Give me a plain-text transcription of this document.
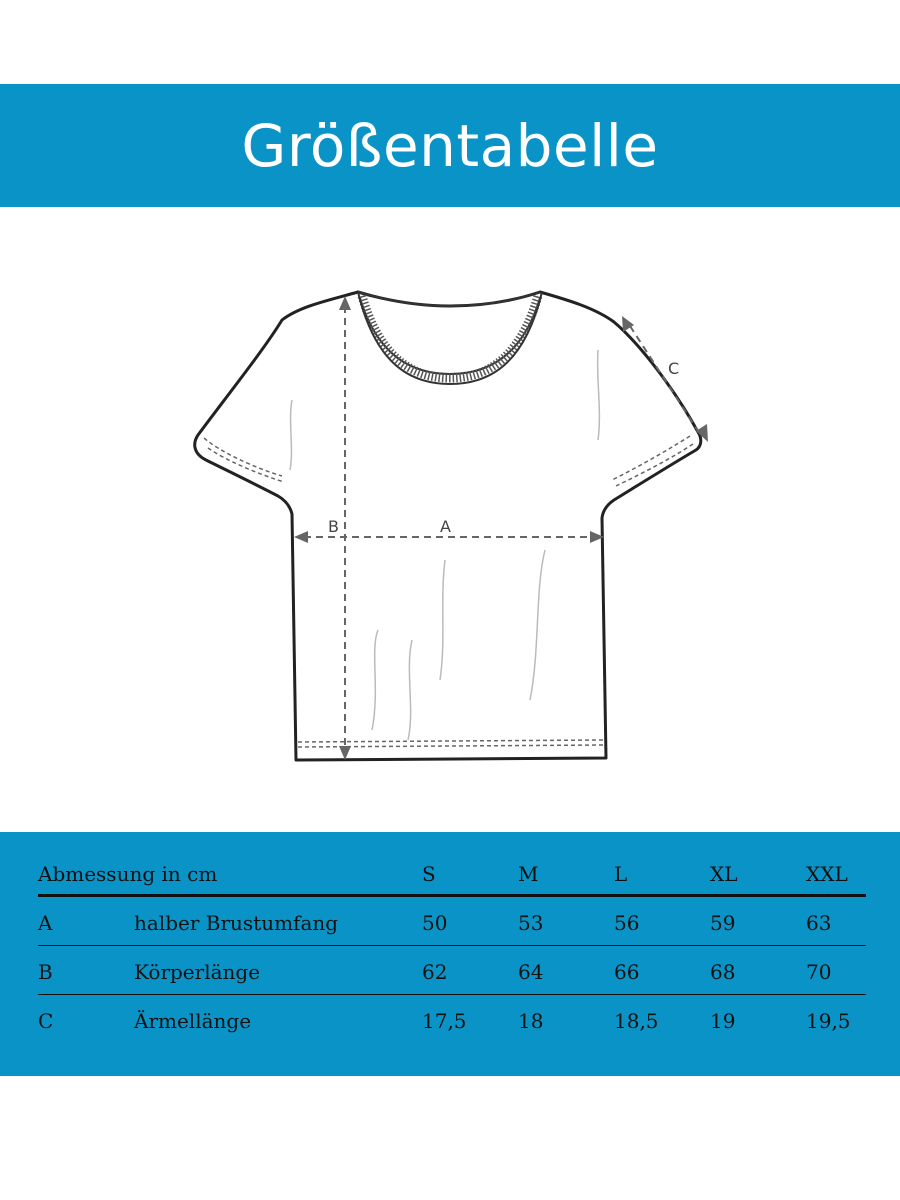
Größentabelle
A
B
C
Abmessung in cm	S	M	L	XL	XXL
A	halber Brustumfang	50	53	56	59	63
B	Körperlänge	62	64	66	68	70
C	Ärmellänge	17,5	18	18,5	19	19,5
